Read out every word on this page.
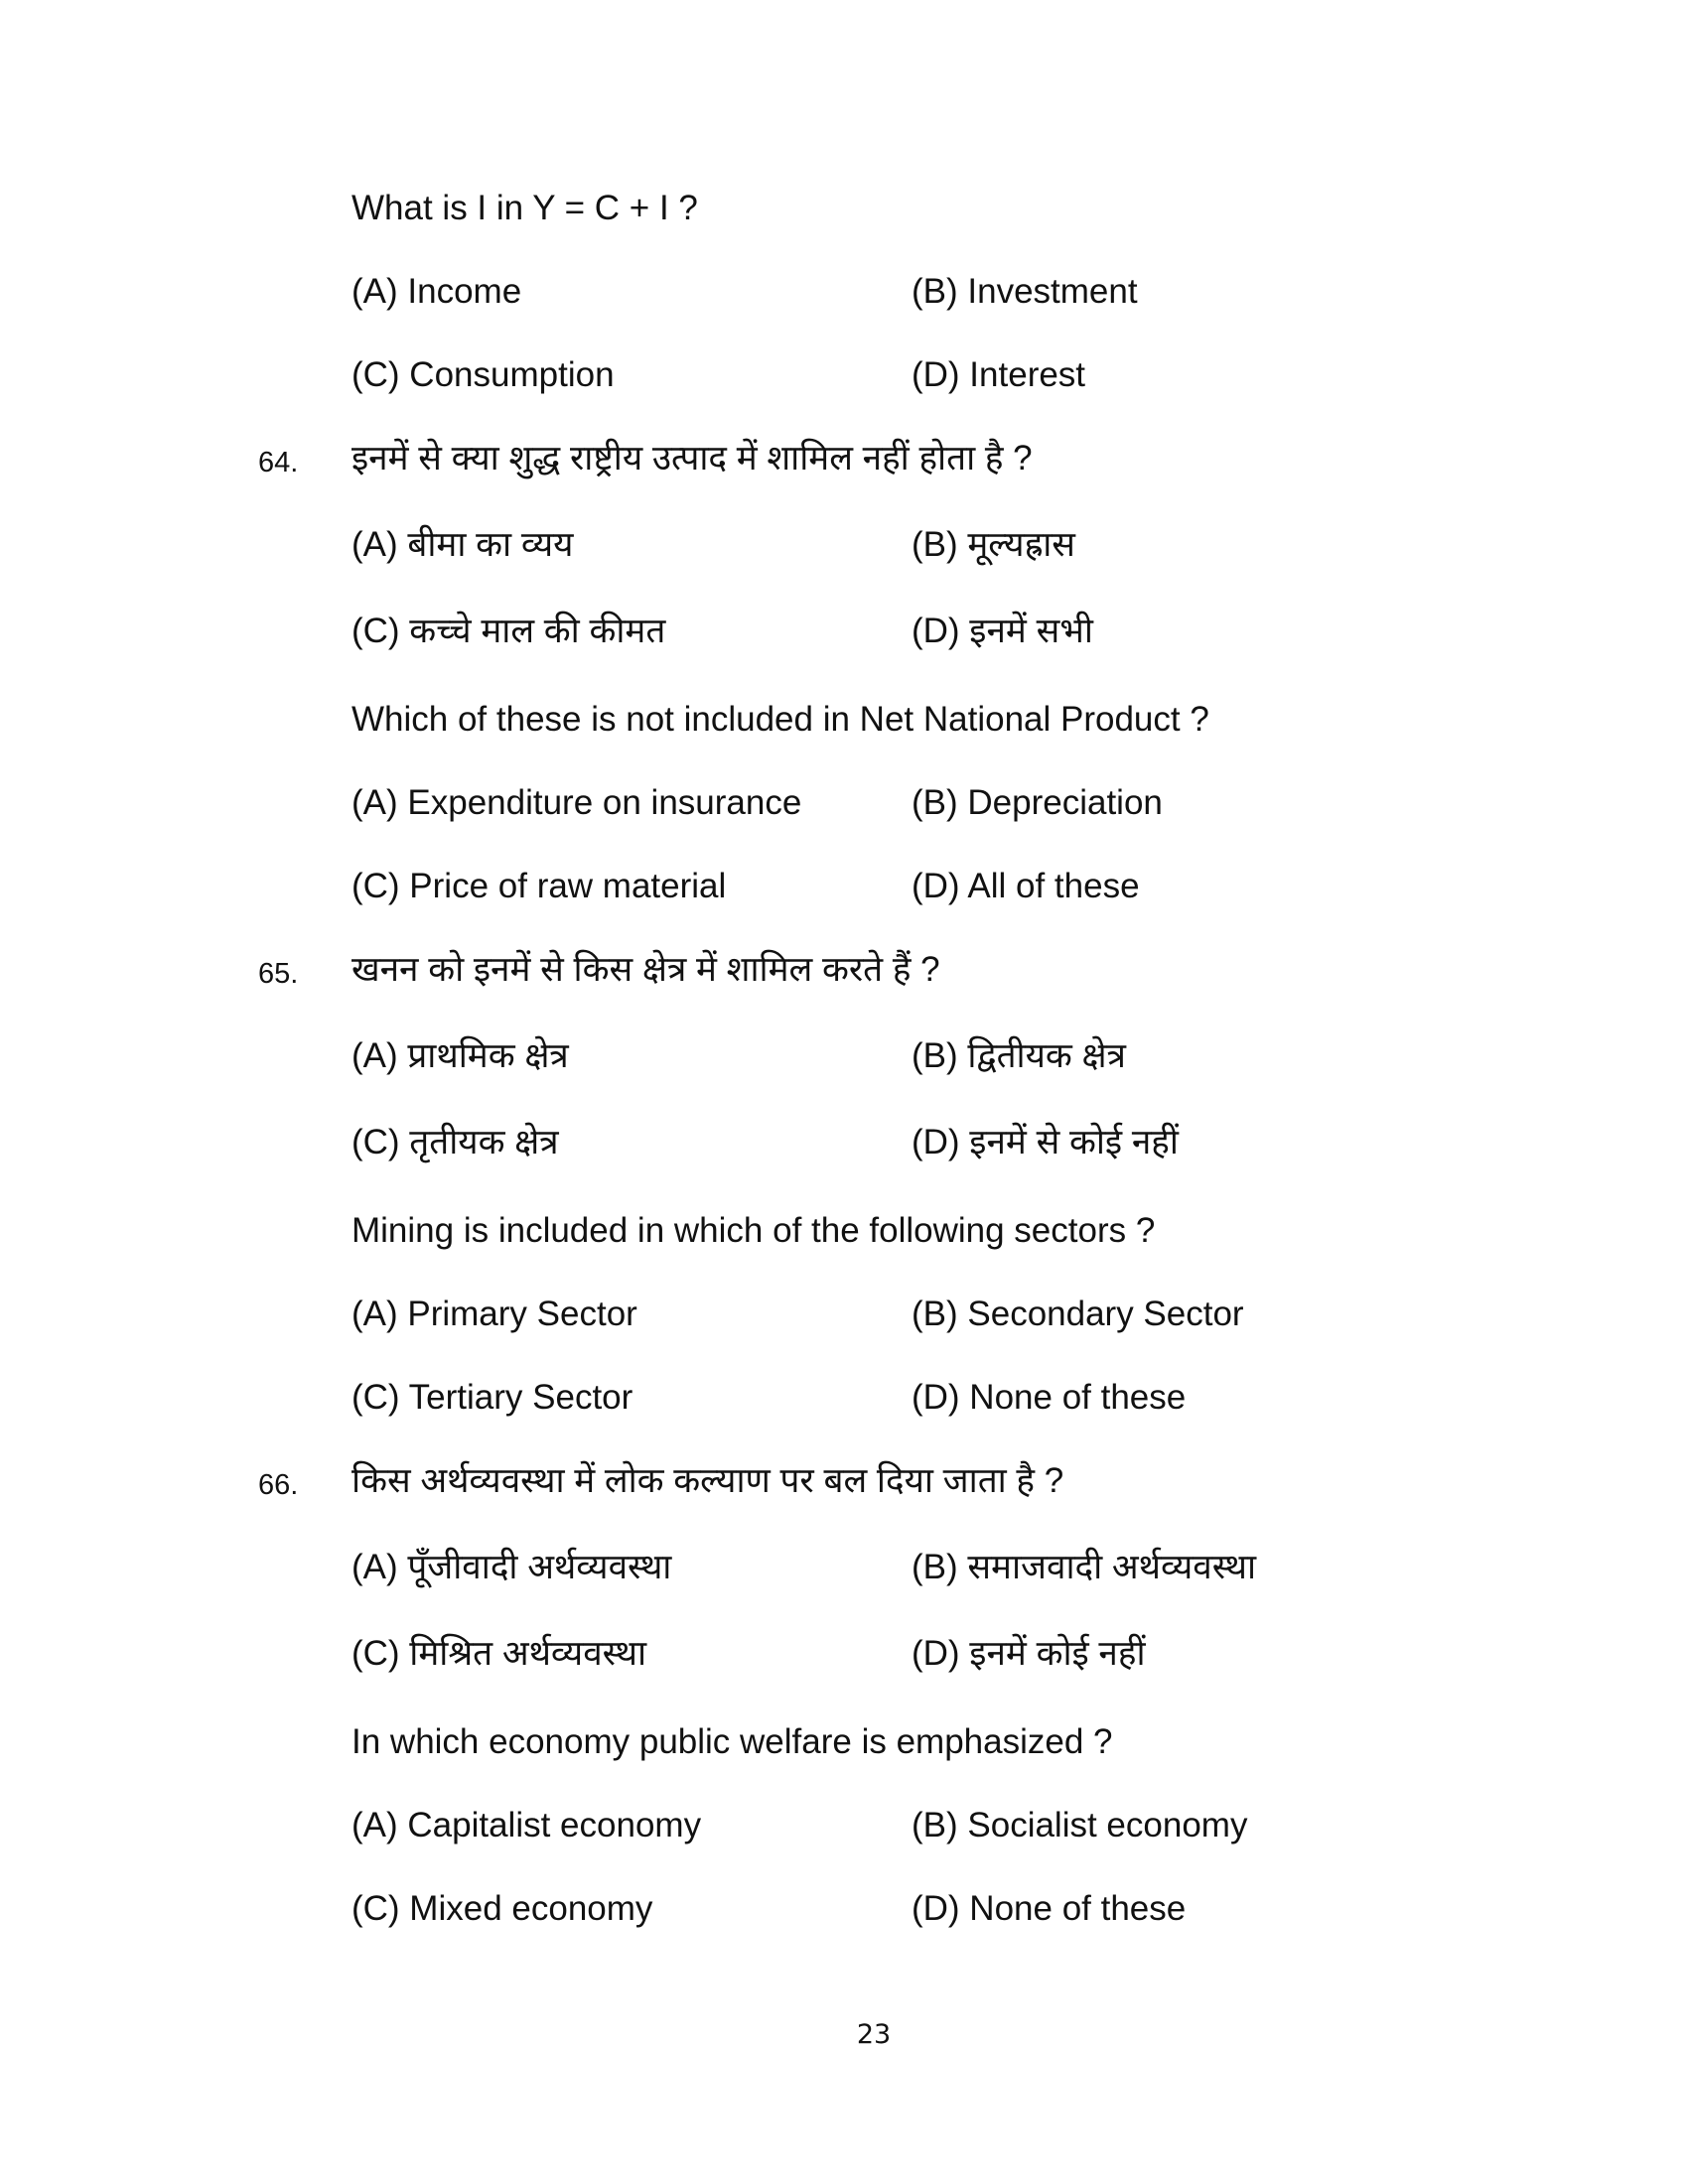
What is I in Y = C + I ?
(A) Income	(B) Investment
(C) Consumption	(D) Interest
64. इनमें से क्या शुद्ध राष्ट्रीय उत्पाद में शामिल नहीं होता है ?
(A) बीमा का व्यय	(B) मूल्यह्रास
(C) कच्चे माल की कीमत	(D) इनमें सभी
Which of these is not included in Net National Product ?
(A) Expenditure on insurance	(B) Depreciation
(C) Price of raw material	(D) All of these
65. खनन को इनमें से किस क्षेत्र में शामिल करते हैं ?
(A) प्राथमिक क्षेत्र	(B) द्वितीयक क्षेत्र
(C) तृतीयक क्षेत्र	(D) इनमें से कोई नहीं
Mining is included in which of the following sectors ?
(A) Primary Sector	(B) Secondary Sector
(C) Tertiary Sector	(D) None of these
66. किस अर्थव्यवस्था में लोक कल्याण पर बल दिया जाता है ?
(A) पूँजीवादी अर्थव्यवस्था	(B) समाजवादी अर्थव्यवस्था
(C) मिश्रित अर्थव्यवस्था	(D) इनमें कोई नहीं
In which economy public welfare is emphasized ?
(A) Capitalist economy	(B) Socialist economy
(C) Mixed economy	(D) None of these
23
